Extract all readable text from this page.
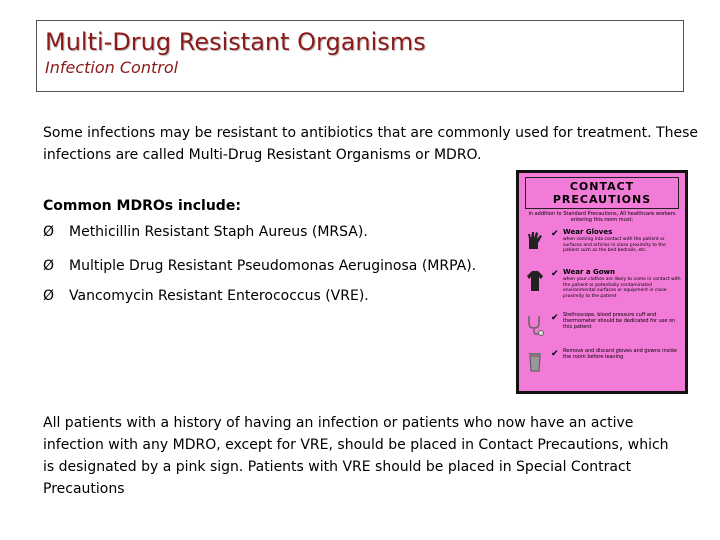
Multi-Drug Resistant Organisms
Infection Control
Some infections may be resistant to antibiotics that are commonly used for treatment. These infections are called Multi-Drug Resistant Organisms or MDRO.
Common MDROs include:
Ø Methicillin Resistant Staph Aureus (MRSA).
Ø Multiple Drug Resistant Pseudomonas Aeruginosa (MRPA).
Ø Vancomycin Resistant Enterococcus (VRE).
CONTACT PRECAUTIONS
in addition to Standard Precautions, All healthcare workers entering this room must:
✔ Wear Gloves
when coming into contact with the patient or surfaces and articles in close proximity to the patient such as the bed bedrails, etc.
✔ Wear a Gown
when your clothes are likely to come in contact with the patient or potentially contaminated environmental surfaces or equipment in close proximity to the patient
✔ Stethoscope, blood pressure cuff and thermometer should be dedicated for use on this patient
✔ Remove and discard gloves and gowns inside the room before leaving
All patients with a history of having an infection or patients who now have an active infection with any MDRO, except for VRE, should be placed in Contact Precautions, which is designated by a pink sign. Patients with VRE should be placed in Special Contract Precautions
